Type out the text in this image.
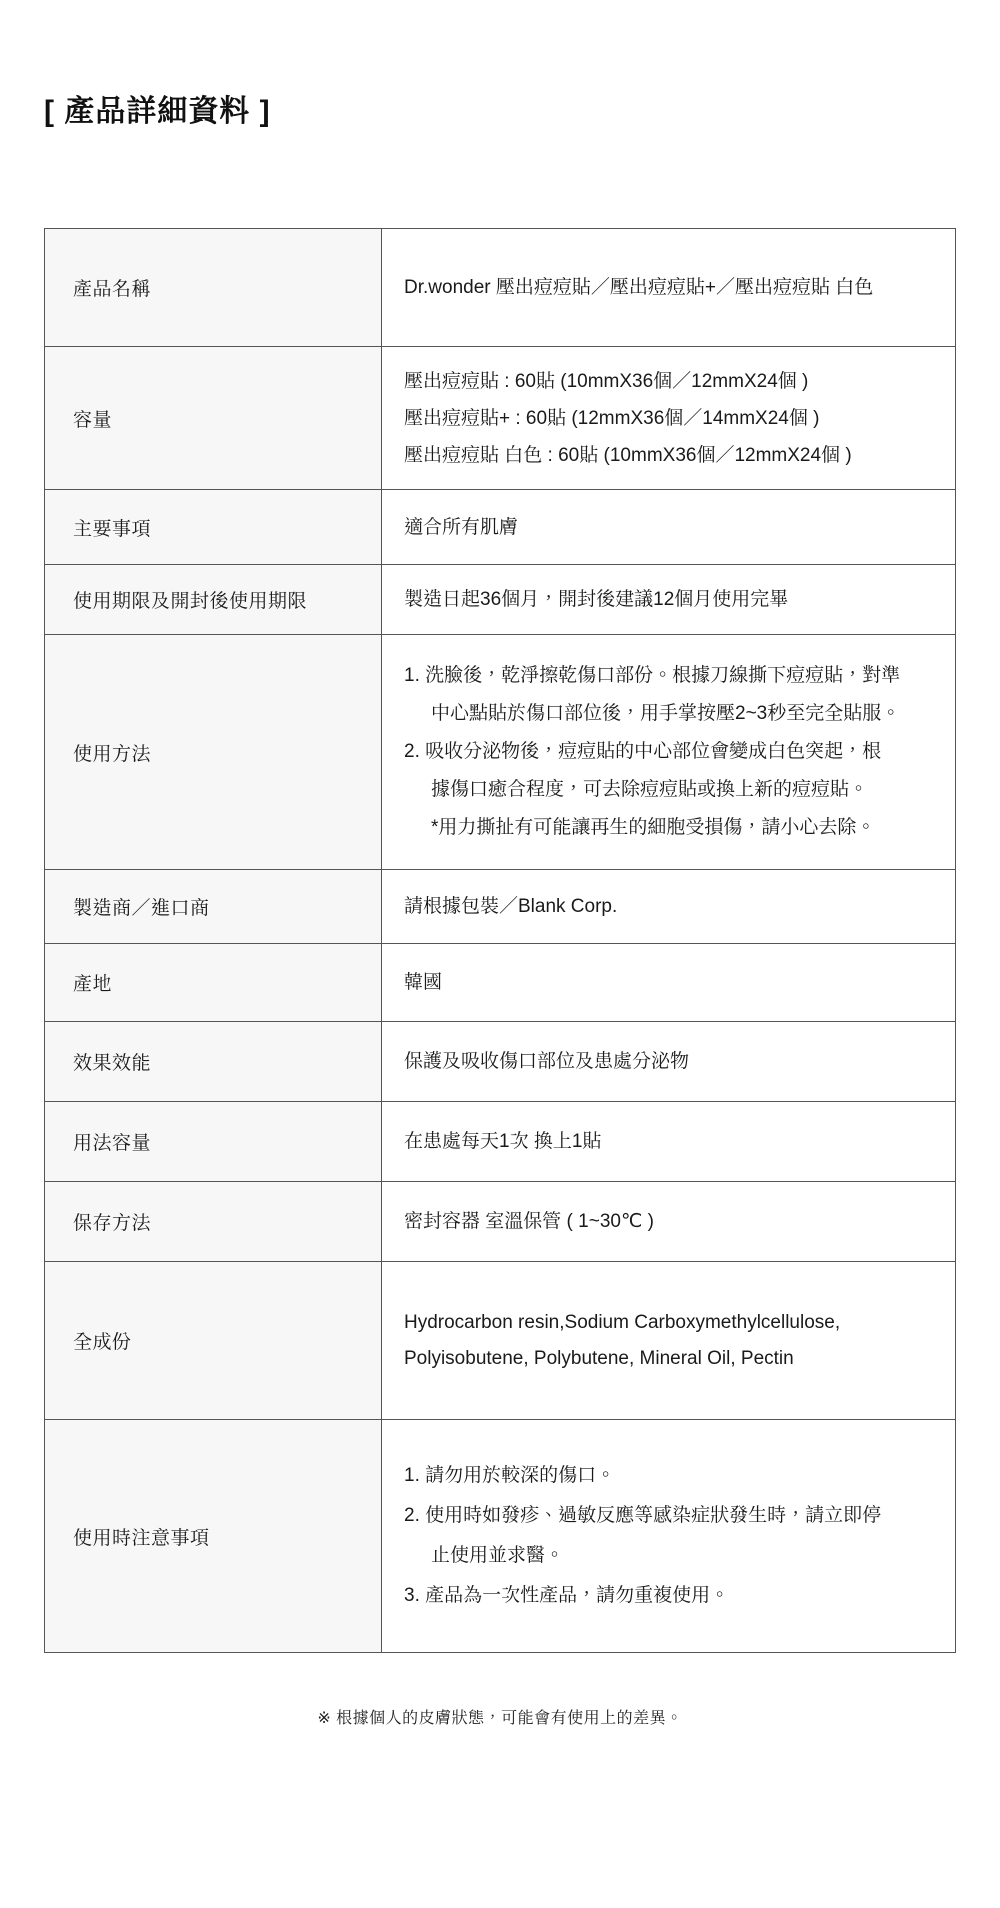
[ 產品詳細資料 ]
產品名稱	Dr.wonder 壓出痘痘貼／壓出痘痘貼+／壓出痘痘貼 白色

容量	壓出痘痘貼 : 60貼 (10mmX36個／12mmX24個 )
壓出痘痘貼+ : 60貼 (12mmX36個／14mmX24個 )
壓出痘痘貼 白色 : 60貼 (10mmX36個／12mmX24個 )

主要事項	適合所有肌膚

使用期限及開封後使用期限	製造日起36個月，開封後建議12個月使用完畢

使用方法	1. 洗臉後，乾淨擦乾傷口部份。根據刀線撕下痘痘貼，對準
中心點貼於傷口部位後，用手掌按壓2~3秒至完全貼服。
2. 吸收分泌物後，痘痘貼的中心部位會變成白色突起，根
據傷口癒合程度，可去除痘痘貼或換上新的痘痘貼。
*用力撕扯有可能讓再生的細胞受損傷，請小心去除。

製造商／進口商	請根據包裝／Blank Corp.

產地	韓國

效果效能	保護及吸收傷口部位及患處分泌物

用法容量	在患處每天1次 換上1貼

保存方法	密封容器 室溫保管 ( 1~30℃ )

全成份	Hydrocarbon resin,Sodium Carboxymethylcellulose,
Polyisobutene, Polybutene, Mineral Oil, Pectin

使用時注意事項	1. 請勿用於較深的傷口。
2. 使用時如發疹、過敏反應等感染症狀發生時，請立即停
止使用並求醫。
3. 產品為一次性產品，請勿重複使用。
※ 根據個人的皮膚狀態，可能會有使用上的差異。
